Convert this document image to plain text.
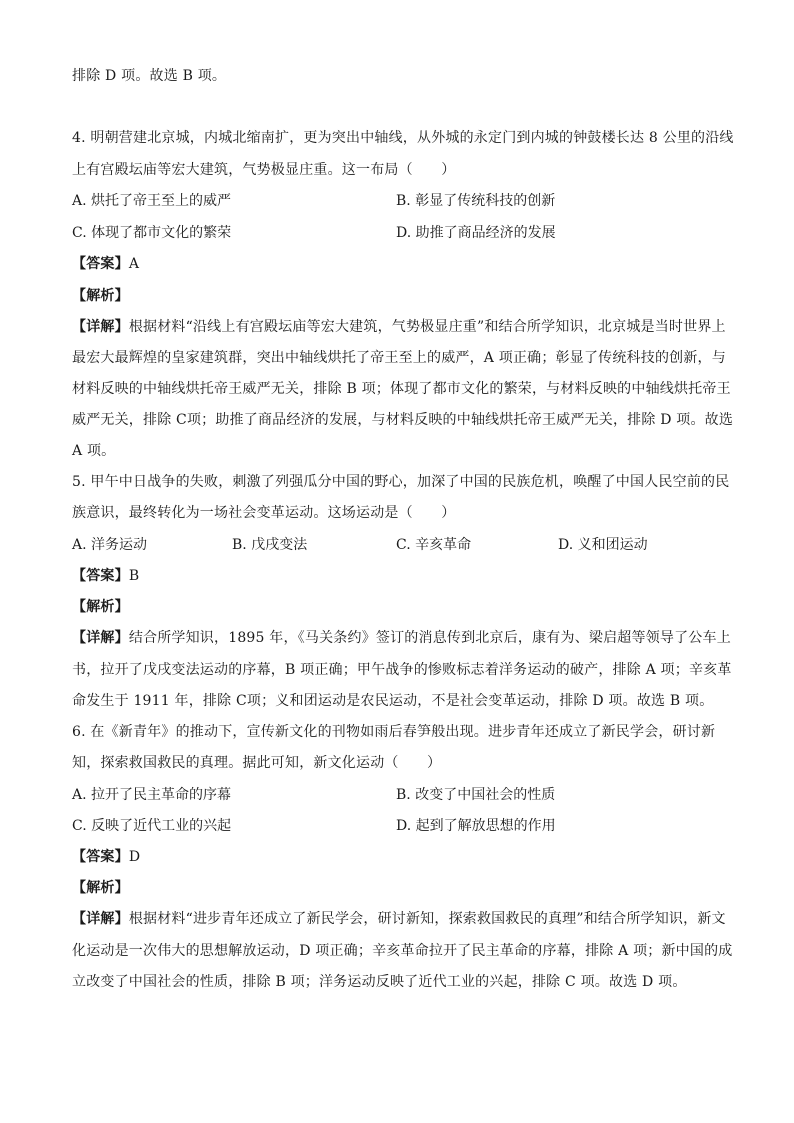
排除 D 项。故选 B 项。
4. 明朝营建北京城，内城北缩南扩，更为突出中轴线，从外城的永定门到内城的钟鼓楼长达 8 公里的沿线
上有宫殿坛庙等宏大建筑，气势极显庄重。这一布局（　　）
A. 烘托了帝王至上的威严	B. 彰显了传统科技的创新
C. 体现了都市文化的繁荣	D. 助推了商品经济的发展
【答案】A
【解析】
【详解】根据材料“沿线上有宫殿坛庙等宏大建筑，气势极显庄重”和结合所学知识，北京城是当时世界上
最宏大最辉煌的皇家建筑群，突出中轴线烘托了帝王至上的威严，A 项正确；彰显了传统科技的创新，与
材料反映的中轴线烘托帝王威严无关，排除 B 项；体现了都市文化的繁荣，与材料反映的中轴线烘托帝王
威严无关，排除 C项；助推了商品经济的发展，与材料反映的中轴线烘托帝王威严无关，排除 D 项。故选
A 项。
5. 甲午中日战争的失败，刺激了列强瓜分中国的野心，加深了中国的民族危机，唤醒了中国人民空前的民
族意识，最终转化为一场社会变革运动。这场运动是（　　）
A. 洋务运动	B. 戊戌变法	C. 辛亥革命	D. 义和团运动
【答案】B
【解析】
【详解】结合所学知识，1895 年，《马关条约》签订的消息传到北京后，康有为、梁启超等领导了公车上
书，拉开了戊戌变法运动的序幕，B 项正确；甲午战争的惨败标志着洋务运动的破产，排除 A 项；辛亥革
命发生于 1911 年，排除 C项；义和团运动是农民运动，不是社会变革运动，排除 D 项。故选 B 项。
6. 在《新青年》的推动下，宣传新文化的刊物如雨后春笋般出现。进步青年还成立了新民学会，研讨新
知，探索救国救民的真理。据此可知，新文化运动（　　）
A. 拉开了民主革命的序幕	B. 改变了中国社会的性质
C. 反映了近代工业的兴起	D. 起到了解放思想的作用
【答案】D
【解析】
【详解】根据材料“进步青年还成立了新民学会，研讨新知，探索救国救民的真理”和结合所学知识，新文
化运动是一次伟大的思想解放运动，D 项正确；辛亥革命拉开了民主革命的序幕，排除 A 项；新中国的成
立改变了中国社会的性质，排除 B 项；洋务运动反映了近代工业的兴起，排除 C 项。故选 D 项。
